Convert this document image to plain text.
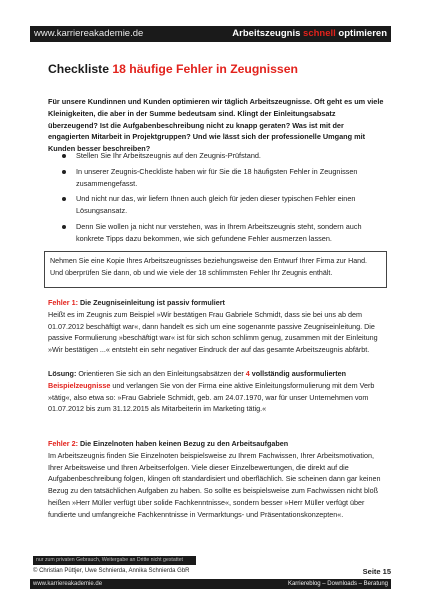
www.karriereakademie.de	Arbeitszeugnis schnell optimieren
Checkliste 18 häufige Fehler in Zeugnissen
Für unsere Kundinnen und Kunden optimieren wir täglich Arbeitszeugnisse. Oft geht es um viele Kleinigkeiten, die aber in der Summe bedeutsam sind. Klingt der Einleitungsabsatz überzeugend? Ist die Aufgabenbeschreibung nicht zu knapp geraten? Was ist mit der engagierten Mitarbeit in Projektgruppen? Und wie lässt sich der professionelle Umgang mit Kunden besser beschreiben?
Stellen Sie Ihr Arbeitszeugnis auf den Zeugnis-Prüfstand.
In unserer Zeugnis-Checkliste haben wir für Sie die 18 häufigsten Fehler in Zeugnissen zusammengefasst.
Und nicht nur das, wir liefern Ihnen auch gleich für jeden dieser typischen Fehler einen Lösungsansatz.
Denn Sie wollen ja nicht nur verstehen, was in Ihrem Arbeitszeugnis steht, sondern auch konkrete Tipps dazu bekommen, wie sich gefundene Fehler ausmerzen lassen.
Nehmen Sie eine Kopie Ihres Arbeitszeugnisses beziehungsweise den Entwurf Ihrer Firma zur Hand. Und überprüfen Sie dann, ob und wie viele der 18 schlimmsten Fehler Ihr Zeugnis enthält.
Fehler 1: Die Zeugniseinleitung ist passiv formuliert
Heißt es im Zeugnis zum Beispiel »Wir bestätigen Frau Gabriele Schmidt, dass sie bei uns ab dem 01.07.2012 beschäftigt war«, dann handelt es sich um eine sogenannte passive Zeugniseinleitung. Die passive Formulierung »beschäftigt war« ist für sich schon schlimm genug, zusammen mit der Einleitung »Wir bestätigen ...« entsteht ein sehr negativer Eindruck der auf das gesamte Arbeitszeugnis abfärbt.
Lösung: Orientieren Sie sich an den Einleitungsabsätzen der 4 vollständig ausformulierten Beispielzeugnisse und verlangen Sie von der Firma eine aktive Einleitungsformulierung mit dem Verb »tätig«, also etwa so: »Frau Gabriele Schmidt, geb. am 24.07.1970, war für unser Unternehmen vom 01.07.2012 bis zum 31.12.2015 als Mitarbeiterin im Marketing tätig.«
Fehler 2: Die Einzelnoten haben keinen Bezug zu den Arbeitsaufgaben
Im Arbeitszeugnis finden Sie Einzelnoten beispielsweise zu Ihrem Fachwissen, Ihrer Arbeitsmotivation, Ihrer Arbeitsweise und Ihren Arbeitserfolgen. Viele dieser Einzelbewertungen, die direkt auf die Aufgabenbeschreibung folgen, klingen oft standardisiert und oberflächlich. Sie scheinen dann gar keinen Bezug zu den tatsächlichen Aufgaben zu haben. So sollte es beispielsweise zum Fachwissen nicht bloß heißen »Herr Müller verfügt über solide Fachkenntnisse«, sondern besser »Herr Müller verfügt über fundierte und umfangreiche Fachkenntnisse in Vermarktungs- und Präsentationskonzepten«.
nur zum privaten Gebrauch, Weitergabe an Dritte nicht gestattet
© Christian Püttjer, Uwe Schnierda, Annika Schnierda GbR	Seite 15
www.karriereakademie.de	Karriereblog – Downloads – Beratung
